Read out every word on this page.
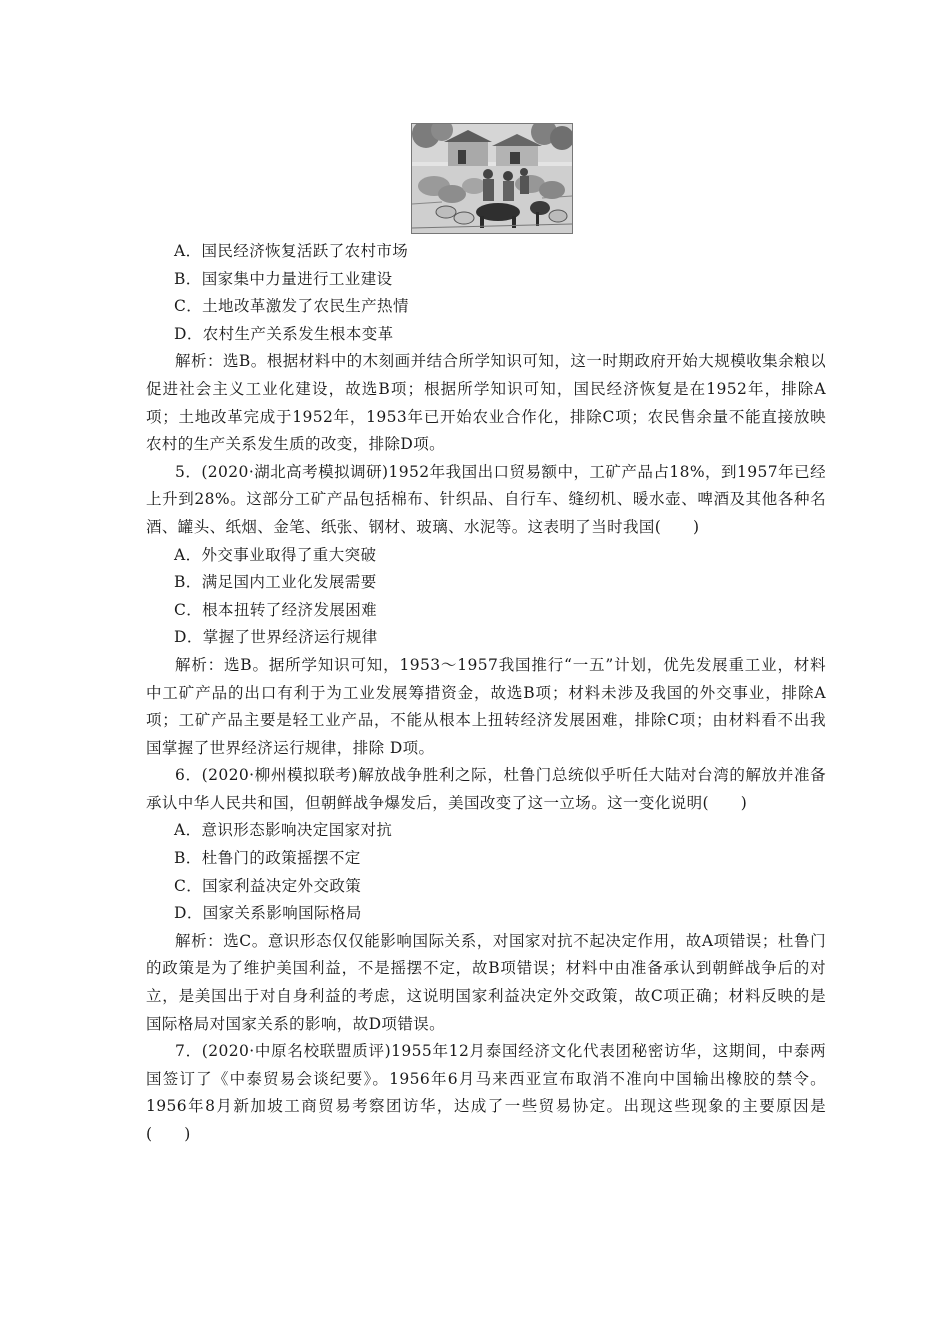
A．国民经济恢复活跃了农村市场

B．国家集中力量进行工业建设

C．土地改革激发了农民生产热情

D．农村生产关系发生根本变革

解析：选B。根据材料中的木刻画并结合所学知识可知，这一时期政府开始大规模收集余粮以促进社会主义工业化建设，故选B项；根据所学知识可知，国民经济恢复是在1952年，排除A项；土地改革完成于1952年，1953年已开始农业合作化，排除C项；农民售余量不能直接放映农村的生产关系发生质的改变，排除D项。

5．(2020·湖北高考模拟调研)1952年我国出口贸易额中，工矿产品占18%，到1957年已经上升到28%。这部分工矿产品包括棉布、针织品、自行车、缝纫机、暖水壶、啤酒及其他各种名酒、罐头、纸烟、金笔、纸张、钢材、玻璃、水泥等。这表明了当时我国(　　)

A．外交事业取得了重大突破

B．满足国内工业化发展需要

C．根本扭转了经济发展困难

D．掌握了世界经济运行规律

解析：选B。据所学知识可知，1953～1957我国推行“一五”计划，优先发展重工业，材料中工矿产品的出口有利于为工业发展筹措资金，故选B项；材料未涉及我国的外交事业，排除A项；工矿产品主要是轻工业产品，不能从根本上扭转经济发展困难，排除C项；由材料看不出我国掌握了世界经济运行规律，排除 D项。

6．(2020·柳州模拟联考)解放战争胜利之际，杜鲁门总统似乎听任大陆对台湾的解放并准备承认中华人民共和国，但朝鲜战争爆发后，美国改变了这一立场。这一变化说明(　　)

A．意识形态影响决定国家对抗

B．杜鲁门的政策摇摆不定

C．国家利益决定外交政策

D．国家关系影响国际格局

解析：选C。意识形态仅仅能影响国际关系，对国家对抗不起决定作用，故A项错误；杜鲁门的政策是为了维护美国利益，不是摇摆不定，故B项错误；材料中由准备承认到朝鲜战争后的对立，是美国出于对自身利益的考虑，这说明国家利益决定外交政策，故C项正确；材料反映的是国际格局对国家关系的影响，故D项错误。

7．(2020·中原名校联盟质评)1955年12月泰国经济文化代表团秘密访华，这期间，中泰两国签订了《中泰贸易会谈纪要》。1956年6月马来西亚宣布取消不准向中国输出橡胶的禁令。1956年8月新加坡工商贸易考察团访华，达成了一些贸易协定。出现这些现象的主要原因是(　　)
